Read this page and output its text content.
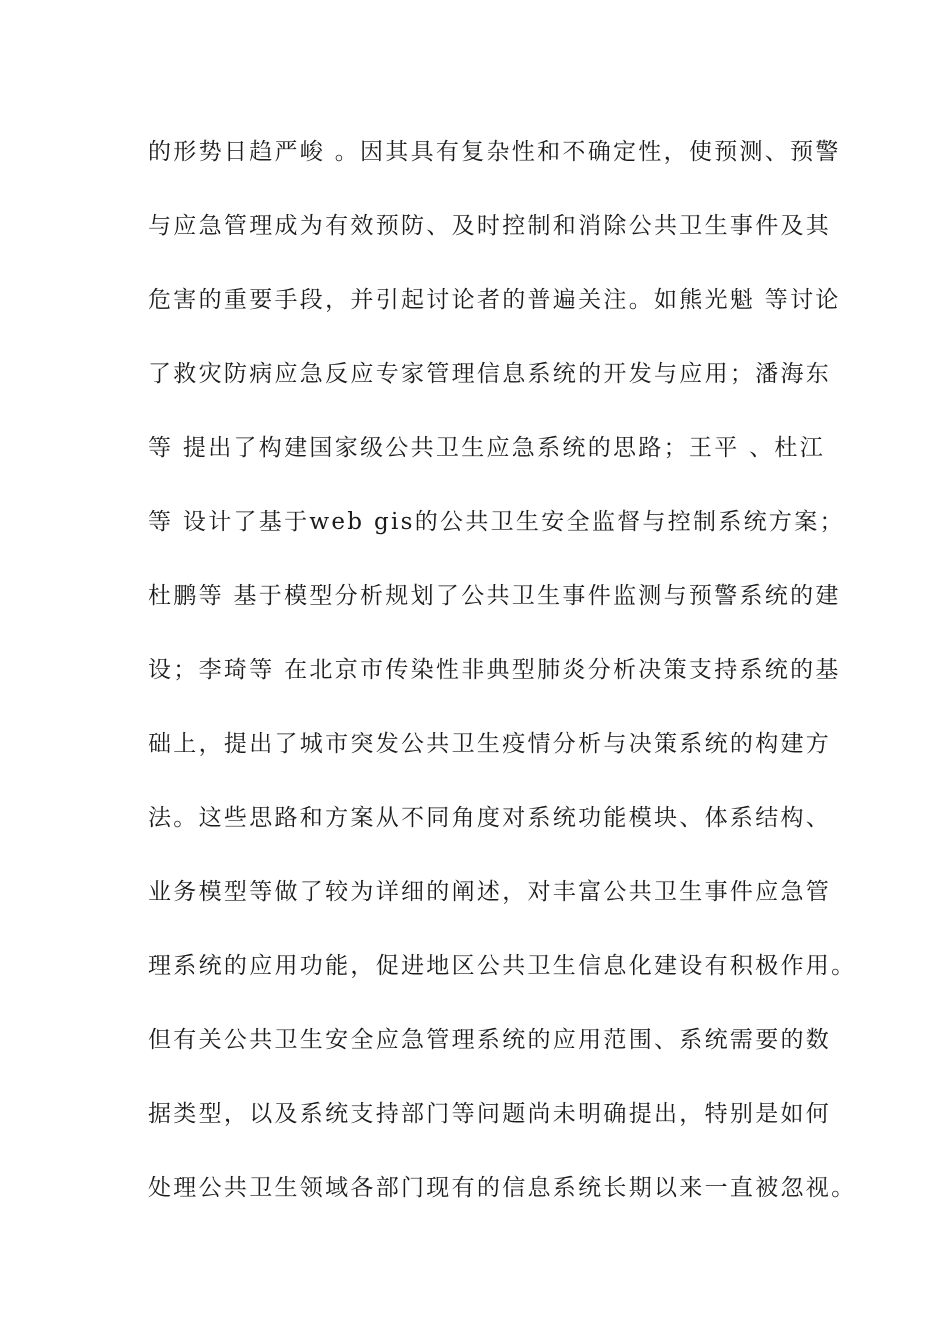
的形势日趋严峻 。因其具有复杂性和不确定性，使预测、预警
与应急管理成为有效预防、及时控制和消除公共卫生事件及其
危害的重要手段，并引起讨论者的普遍关注。如熊光魁 等讨论
了救灾防病应急反应专家管理信息系统的开发与应用；潘海东
等 提出了构建国家级公共卫生应急系统的思路；王平 、杜江
等 设计了基于web gis的公共卫生安全监督与控制系统方案；
杜鹏等 基于模型分析规划了公共卫生事件监测与预警系统的建
设；李琦等 在北京市传染性非典型肺炎分析决策支持系统的基
础上，提出了城市突发公共卫生疫情分析与决策系统的构建方
法。这些思路和方案从不同角度对系统功能模块、体系结构、
业务模型等做了较为详细的阐述，对丰富公共卫生事件应急管
理系统的应用功能，促进地区公共卫生信息化建设有积极作用。
但有关公共卫生安全应急管理系统的应用范围、系统需要的数
据类型，以及系统支持部门等问题尚未明确提出，特别是如何
处理公共卫生领域各部门现有的信息系统长期以来一直被忽视。
